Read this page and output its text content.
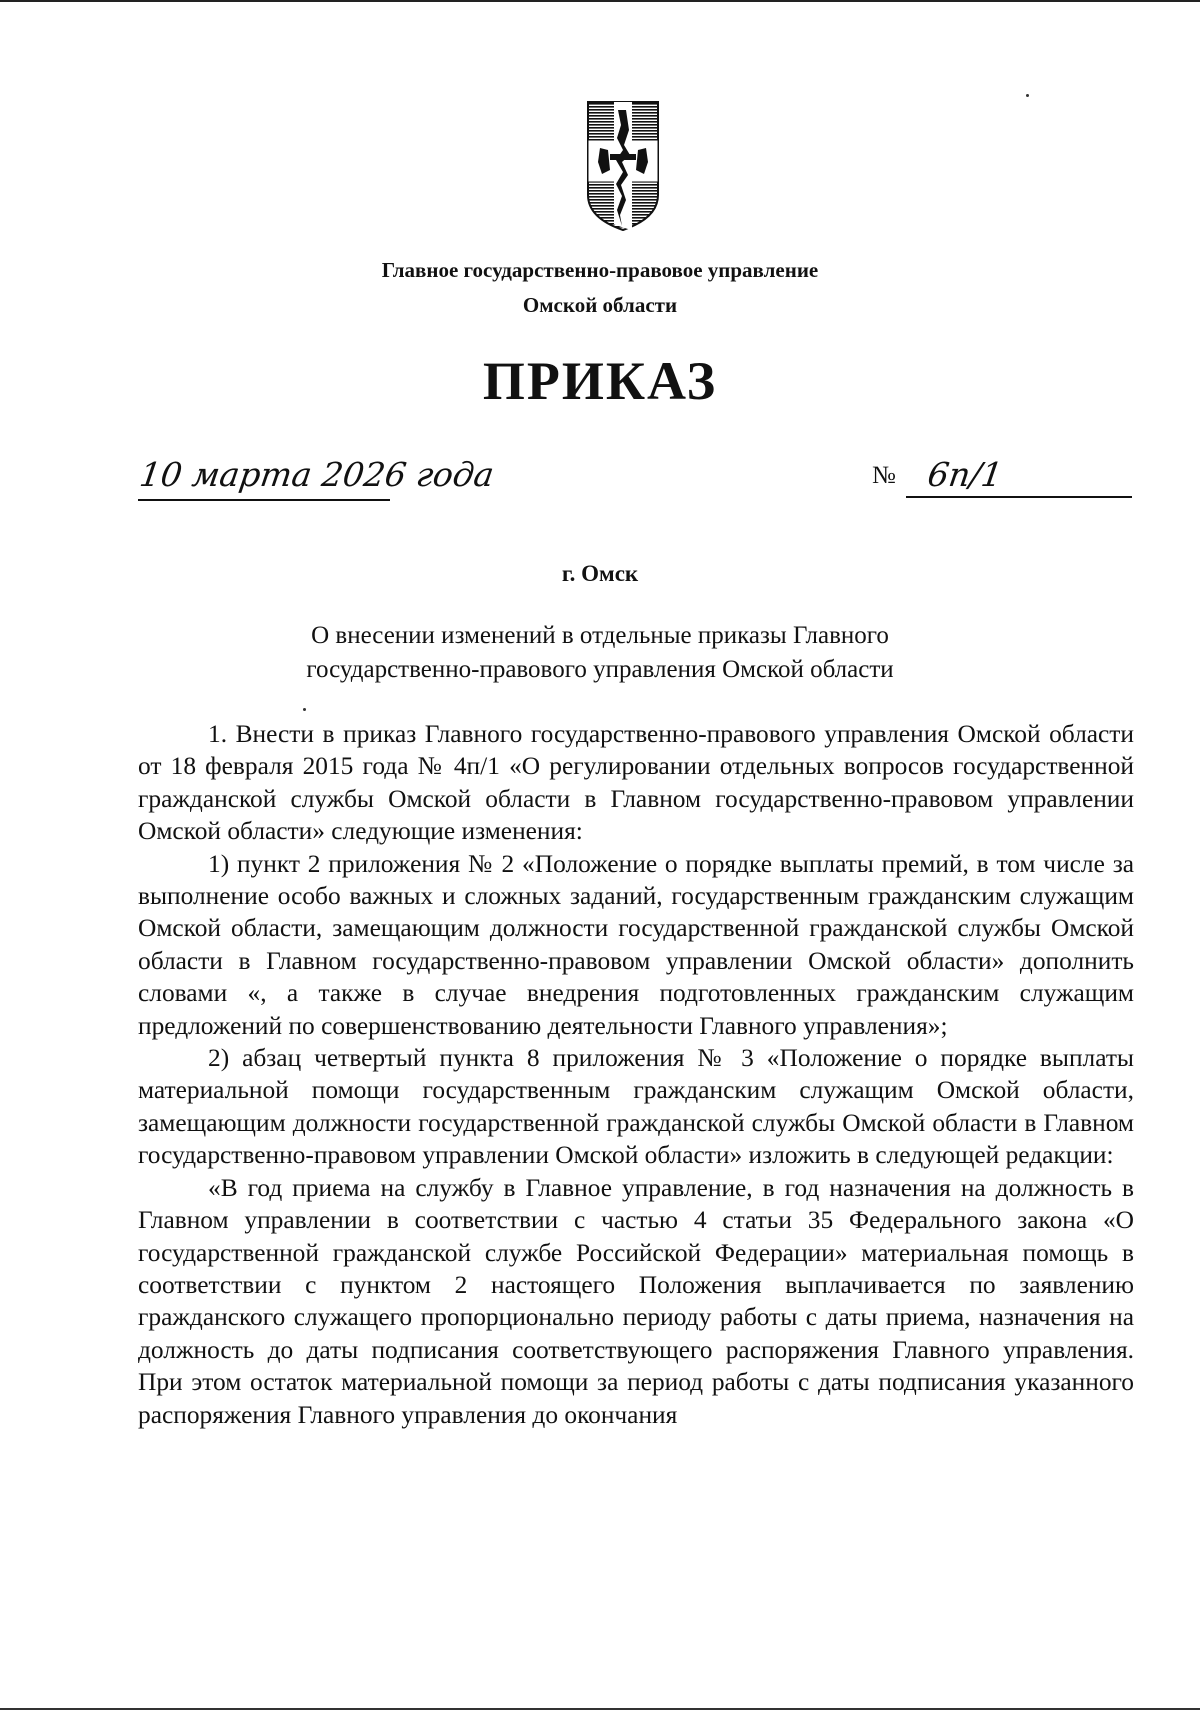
Главное государственно-правовое управление
Омской области
ПРИКАЗ
10 марта 2026 года	№ 6п/1
г. Омск
О внесении изменений в отдельные приказы Главного
государственно-правового управления Омской области

1. Внести в приказ Главного государственно-правового управления Омской области от 18 февраля 2015 года № 4п/1 «О регулировании отдельных вопросов государственной гражданской службы Омской области в Главном государственно-правовом управлении Омской области» следующие изменения:

1) пункт 2 приложения № 2 «Положение о порядке выплаты премий, в том числе за выполнение особо важных и сложных заданий, государственным гражданским служащим Омской области, замещающим должности государственной гражданской службы Омской области в Главном государственно-правовом управлении Омской области» дополнить словами «, а также в случае внедрения подготовленных гражданским служащим предложений по совершенствованию деятельности Главного управления»;

2) абзац четвертый пункта 8 приложения № 3 «Положение о порядке выплаты материальной помощи государственным гражданским служащим Омской области, замещающим должности государственной гражданской службы Омской области в Главном государственно-правовом управлении Омской области» изложить в следующей редакции:

«В год приема на службу в Главное управление, в год назначения на должность в Главном управлении в соответствии с частью 4 статьи 35 Федерального закона «О государственной гражданской службе Российской Федерации» материальная помощь в соответствии с пунктом 2 настоящего Положения выплачивается по заявлению гражданского служащего пропорционально периоду работы с даты приема, назначения на должность до даты подписания соответствующего распоряжения Главного управления. При этом остаток материальной помощи за период работы с даты подписания указанного распоряжения Главного управления до окончания
